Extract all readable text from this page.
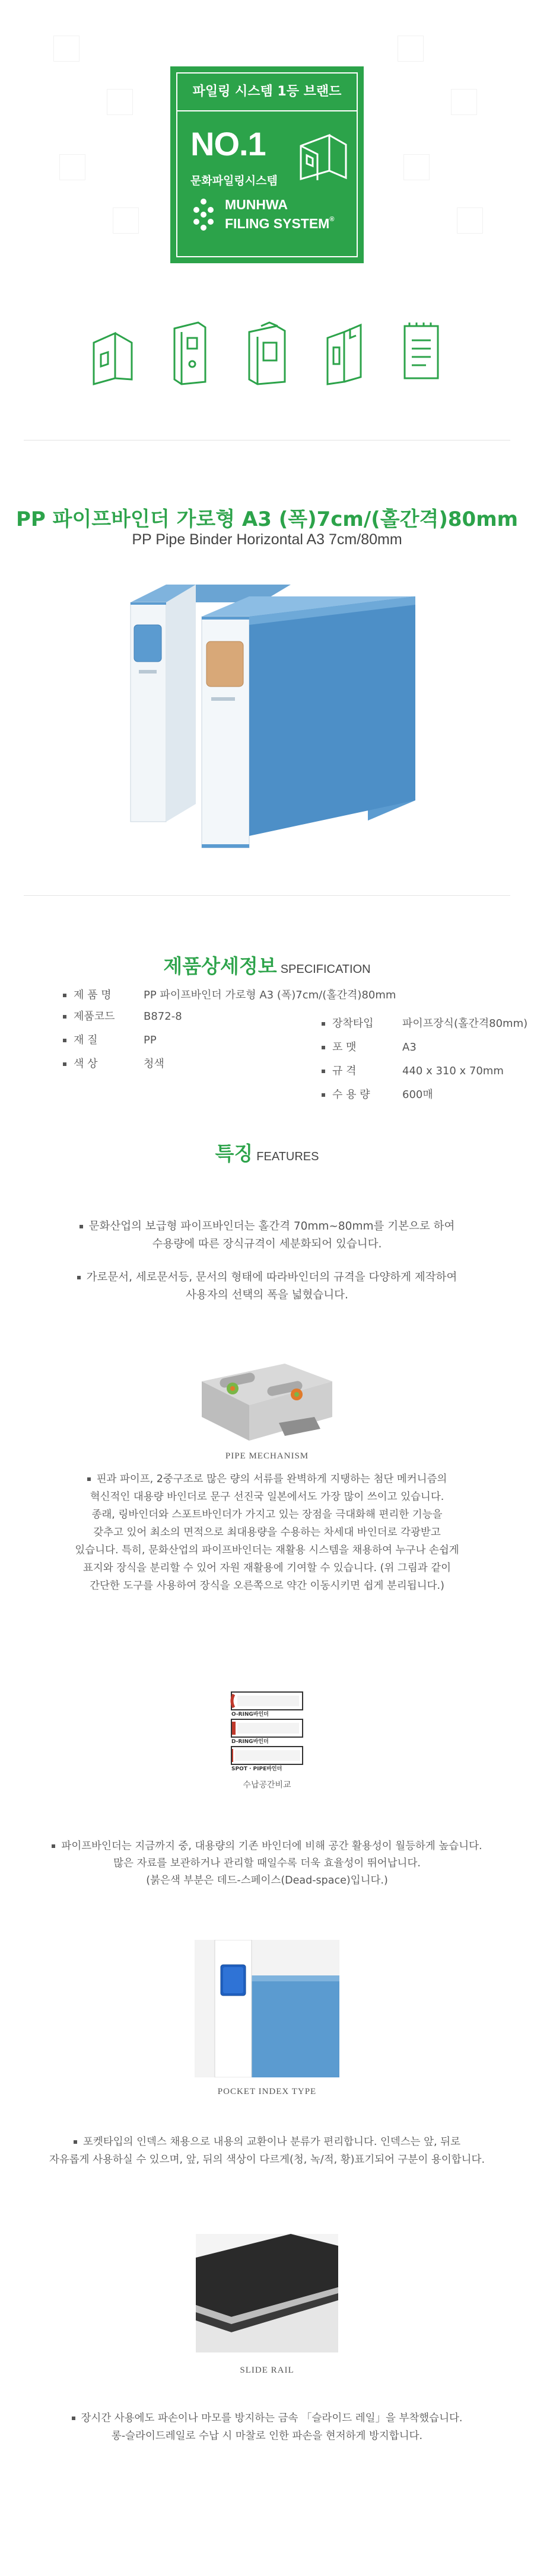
파일링 시스템 1등 브랜드
NO.1
문화파일링시스템
MUNHWA
FILING SYSTEM®
PP 파이프바인더 가로형 A3 (폭)7cm/(홀간격)80mm
PP Pipe Binder Horizontal A3 7cm/80mm
제품상세정보 SPECIFICATION
제 품 명	PP 파이프바인더 가로형 A3 (폭)7cm/(홀간격)80mm
제품코드	B872-8
재 질	PP
색 상	청색
장착타입	파이프장식(홀간격80mm)
포 맷	A3
규 격	440 x 310 x 70mm
수 용 량	600매
특징 FEATURES
문화산업의 보급형 파이프바인더는 홀간격 70mm~80mm를 기본으로 하여
수용량에 따른 장식규격이 세분화되어 있습니다.
가로문서, 세로문서등, 문서의 형태에 따라바인더의 규격을 다양하게 제작하여
사용자의 선택의 폭을 넓혔습니다.
PIPE MECHANISM
핀과 파이프, 2중구조로 많은 량의 서류를 완벽하게 지탱하는 첨단 메커니즘의
혁신적인 대용량 바인더로 문구 선진국 일본에서도 가장 많이 쓰이고 있습니다.
종래, 링바인더와 스포트바인더가 가지고 있는 장점을 극대화해 편리한 기능을
갖추고 있어 최소의 면적으로 최대용량을 수용하는 차세대 바인더로 각광받고
있습니다. 특히, 문화산업의 파이프바인더는 재활용 시스템을 채용하여 누구나 손쉽게
표지와 장식을 분리할 수 있어 자원 재활용에 기여할 수 있습니다. (위 그림과 같이
간단한 도구를 사용하여 장식을 오른쪽으로 약간 이동시키면 쉽게 분리됩니다.)
O-RING바인더
D-RING바인더
SPOT · PIPE바인더
수납공간비교
파이프바인더는 지금까지 중, 대용량의 기존 바인더에 비해 공간 활용성이 월등하게 높습니다.
많은 자료를 보관하거나 관리할 때일수록 더욱 효율성이 뛰어납니다.
(붉은색 부분은 데드-스페이스(Dead-space)입니다.)
POCKET INDEX TYPE
포켓타입의 인덱스 채용으로 내용의 교환이나 분류가 편리합니다. 인덱스는 앞, 뒤로
자유롭게 사용하실 수 있으며, 앞, 뒤의 색상이 다르게(청, 녹/적, 황)표기되어 구분이 용이합니다.
SLIDE RAIL
장시간 사용에도 파손이나 마모를 방지하는 금속 「슬라이드 레일」을 부착했습니다.
롱-슬라이드레일로 수납 시 마찰로 인한 파손을 현저하게 방지합니다.
